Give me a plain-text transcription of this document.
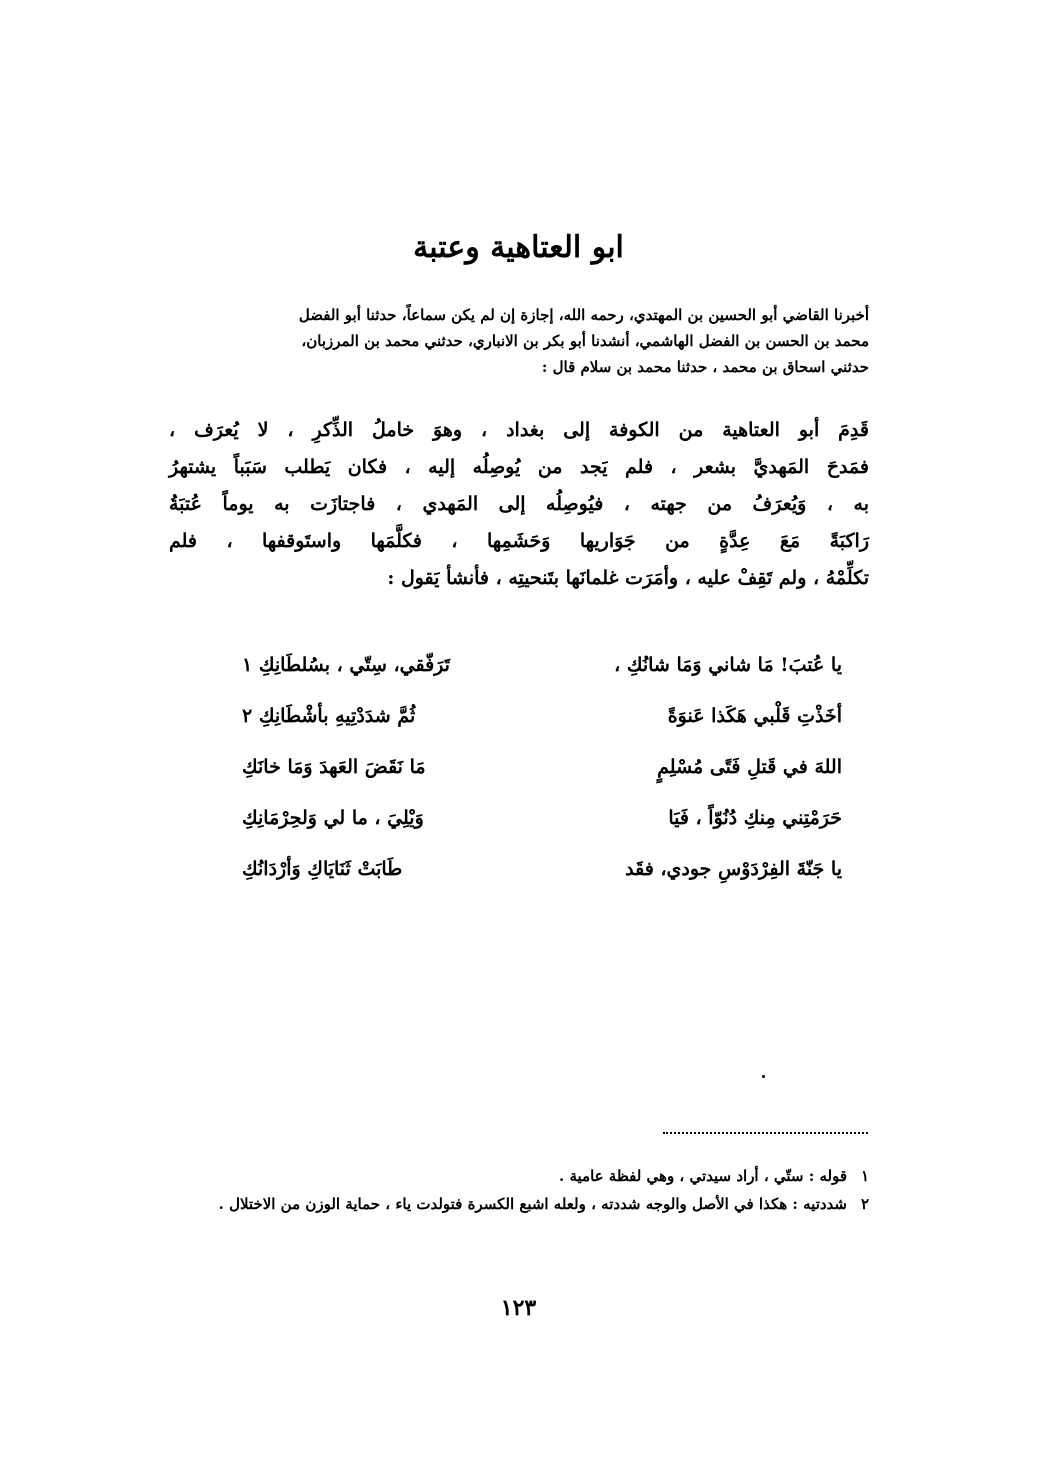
ابو العتاهية وعتبة
أخبرنا القاضي أبو الحسين بن المهتدي، رحمه الله، إجازة إن لم يكن سماعاً، حدثنا أبو الفضل
محمد بن الحسن بن الفضل الهاشمي، أنشدنا أبو بكر بن الانباري، حدثني محمد بن المرزبان،
حدثني اسحاق بن محمد ، حدثنا محمد بن سلام قال :
قَدِمَ أبو العتاهية من الكوفة إلى بغداد ، وهوَ خاملُ الذِّكرِ ، لا يُعرَف ،
فمَدحَ المَهديَّ بشعر ، فلم يَجد من يُوصِلُه إليه ، فكان يَطلب سَبَباً يشتهرُ
به ، وَيُعرَفُ من جهته ، فيُوصِلُه إلى المَهدي ، فاجتازَت به يوماً عُتبَةُ
رَاكبَةً مَعَ عِدَّةٍ من جَوَاريها وَحَشَمِها ، فكلَّمَها واستَوقفها ، فلم
تكلِّمْهُ ، ولم تَقِفْ عليه ، وأمَرَت غلمانَها بتَنحيتِه ، فأنشأ يَقول :
يا عُتبَ! مَا شاني وَمَا شانُكِ ،
تَرَفّقي، سِتّي ، بسُلطَانِكِ ١
أخَذْتِ قَلْبي هَكَذا عَنوَةً
ثُمَّ شدَدْتِيهِ بأشْطَانِكِ ٢
اللهَ في قَتلِ فَتًى مُسْلِمٍ
مَا نَقَضَ العَهدَ وَمَا خانَكِ
حَرَمْتِني مِنكِ دُنُوّاً ، فَيَا
وَيْلِيَ ، ما لي وَلحِرْمَانِكِ
يا جَنّةَ الفِرْدَوْسِ جودي، فقَد
طَابَتْ ثَنَايَاكِ وَأرْدَانُكِ
١
قوله : ستّي ، أراد سيدتي ، وهي لفظة عامية .
٢
شددتيه : هكذا في الأصل والوجه شددته ، ولعله اشبع الكسرة فتولدت ياء ، حماية الوزن من الاختلال .
١٢٣
